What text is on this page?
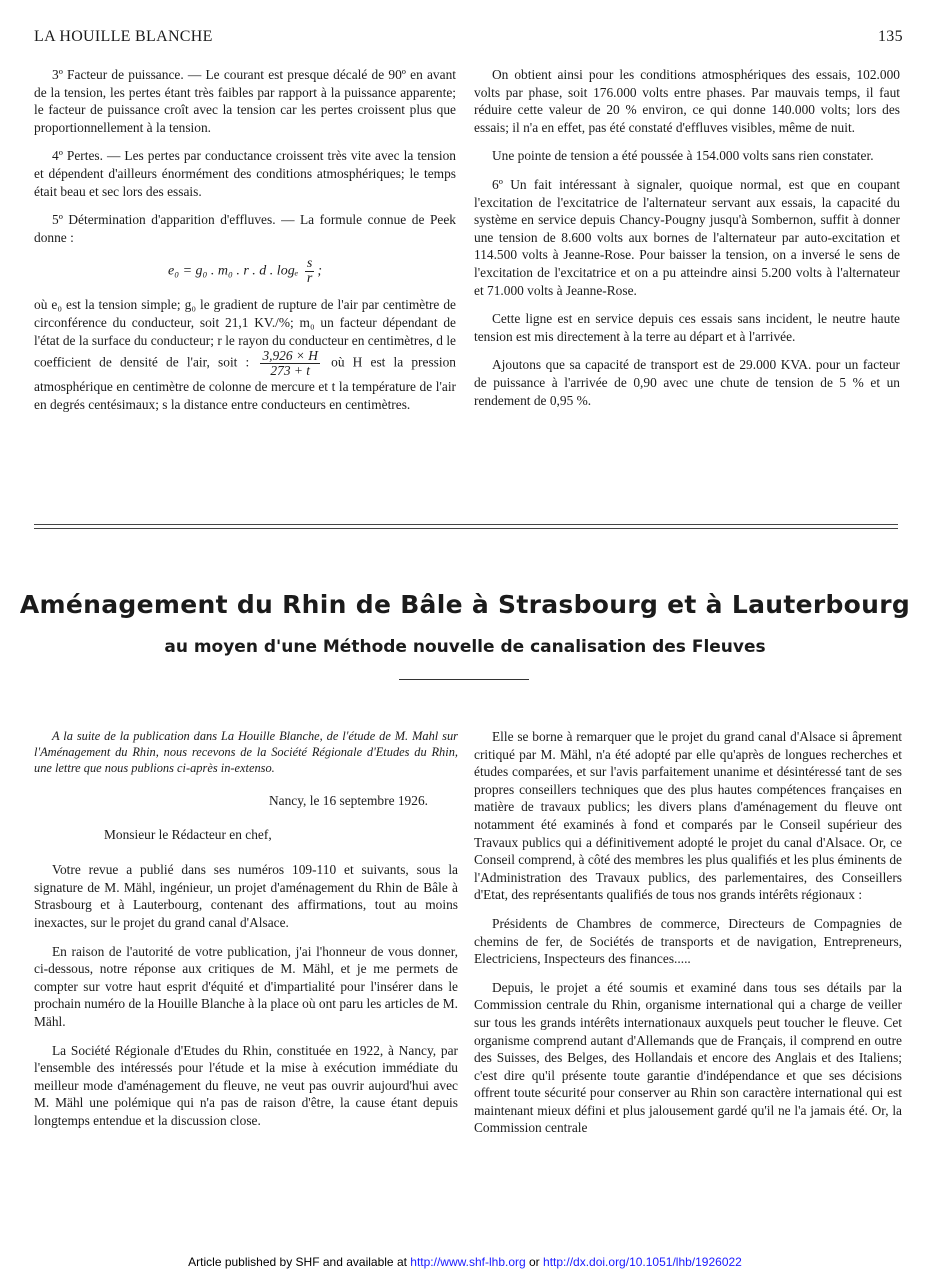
LA HOUILLE BLANCHE	135

3º Facteur de puissance. — Le courant est presque décalé de 90º en avant de la tension, les pertes étant très faibles par rapport à la puissance apparente; le facteur de puissance croît avec la tension car les pertes croissent plus que proportionnellement à la tension.

4º Pertes. — Les pertes par conductance croissent très vite avec la tension et dépendent d'ailleurs énormément des conditions atmosphériques; le temps était beau et sec lors des essais.

5º Détermination d'apparition d'effluves. — La formule connue de Peek donne :

e₀ = g₀ . m₀ . r . d . logₑ $\frac{s}{r}$ ;

où e₀ est la tension simple; g₀ le gradient de rupture de l'air par centimètre de circonférence du conducteur, soit 21,1 KV./%; m₀ un facteur dépendant de l'état de la surface du conducteur; r le rayon du conducteur en centimètres, d le coefficient de densité de l'air, soit : $\frac{3,926 \times H}{273 + t}$ où H est la pression atmosphérique en centimètre de colonne de mercure et t la température de l'air en degrés centésimaux; s la distance entre conducteurs en centimètres.

On obtient ainsi pour les conditions atmosphériques des essais, 102.000 volts par phase, soit 176.000 volts entre phases. Par mauvais temps, il faut réduire cette valeur de 20 % environ, ce qui donne 140.000 volts; lors des essais; il n'a en effet, pas été constaté d'effluves visibles, même de nuit.

Une pointe de tension a été poussée à 154.000 volts sans rien constater.

6º Un fait intéressant à signaler, quoique normal, est que en coupant l'excitation de l'excitatrice de l'alternateur servant aux essais, la capacité du système en service depuis Chancy-Pougny jusqu'à Sombernon, suffit à donner une tension de 8.600 volts aux bornes de l'alternateur par auto-excitation et 114.500 volts à Jeanne-Rose. Pour baisser la tension, on a inversé le sens de l'excitation de l'excitatrice et on a pu atteindre ainsi 5.200 volts à l'alternateur et 71.000 volts à Jeanne-Rose.

Cette ligne est en service depuis ces essais sans incident, le neutre haute tension est mis directement à la terre au départ et à l'arrivée.

Ajoutons que sa capacité de transport est de 29.000 KVA. pour un facteur de puissance à l'arrivée de 0,90 avec une chute de tension de 5 % et un rendement de 0,95 %.

Aménagement du Rhin de Bâle à Strasbourg et à Lauterbourg
au moyen d'une Méthode nouvelle de canalisation des Fleuves

A la suite de la publication dans La Houille Blanche, de l'étude de M. Mahl sur l'Aménagement du Rhin, nous recevons de la Société Régionale d'Etudes du Rhin, une lettre que nous publions ci-après in-extenso.

Nancy, le 16 septembre 1926.

Monsieur le Rédacteur en chef,

Votre revue a publié dans ses numéros 109-110 et suivants, sous la signature de M. Mähl, ingénieur, un projet d'aménagement du Rhin de Bâle à Strasbourg et à Lauterbourg, contenant des affirmations, tout au moins inexactes, sur le projet du grand canal d'Alsace.

En raison de l'autorité de votre publication, j'ai l'honneur de vous donner, ci-dessous, notre réponse aux critiques de M. Mähl, et je me permets de compter sur votre haut esprit d'équité et d'impartialité pour l'insérer dans le prochain numéro de la Houille Blanche à la place où ont paru les articles de M. Mähl.

La Société Régionale d'Etudes du Rhin, constituée en 1922, à Nancy, par l'ensemble des intéressés pour l'étude et la mise à exécution immédiate du meilleur mode d'aménagement du fleuve, ne veut pas ouvrir aujourd'hui avec M. Mähl une polémique qui n'a pas de raison d'être, la cause étant depuis longtemps entendue et la discussion close.

Elle se borne à remarquer que le projet du grand canal d'Alsace si âprement critiqué par M. Mähl, n'a été adopté par elle qu'après de longues recherches et études comparées, et sur l'avis parfaitement unanime et désintéressé tant de ses propres conseillers techniques que des plus hautes compétences françaises en matière de travaux publics; les divers plans d'aménagement du fleuve ont notamment été examinés à fond et comparés par le Conseil supérieur des Travaux publics qui a définitivement adopté le projet du canal d'Alsace. Or, ce Conseil comprend, à côté des membres les plus qualifiés et les plus éminents de l'Administration des Travaux publics, des parlementaires, des Conseillers d'Etat, des représentants qualifiés de tous nos grands intérêts régionaux :

Présidents de Chambres de commerce, Directeurs de Compagnies de chemins de fer, de Sociétés de transports et de navigation, Entrepreneurs, Electriciens, Inspecteurs des finances.....

Depuis, le projet a été soumis et examiné dans tous ses détails par la Commission centrale du Rhin, organisme international qui a charge de veiller sur tous les grands intérêts internationaux auxquels peut toucher le fleuve. Cet organisme comprend autant d'Allemands que de Français, il comprend en outre des Suisses, des Belges, des Hollandais et encore des Anglais et des Italiens; c'est dire qu'il présente toute garantie d'indépendance et que ses décisions offrent toute sécurité pour conserver au Rhin son caractère international qui est maintenant mieux défini et plus jalousement gardé qu'il ne l'a jamais été. Or, la Commission centrale

Article published by SHF and available at http://www.shf-lhb.org or http://dx.doi.org/10.1051/lhb/1926022
